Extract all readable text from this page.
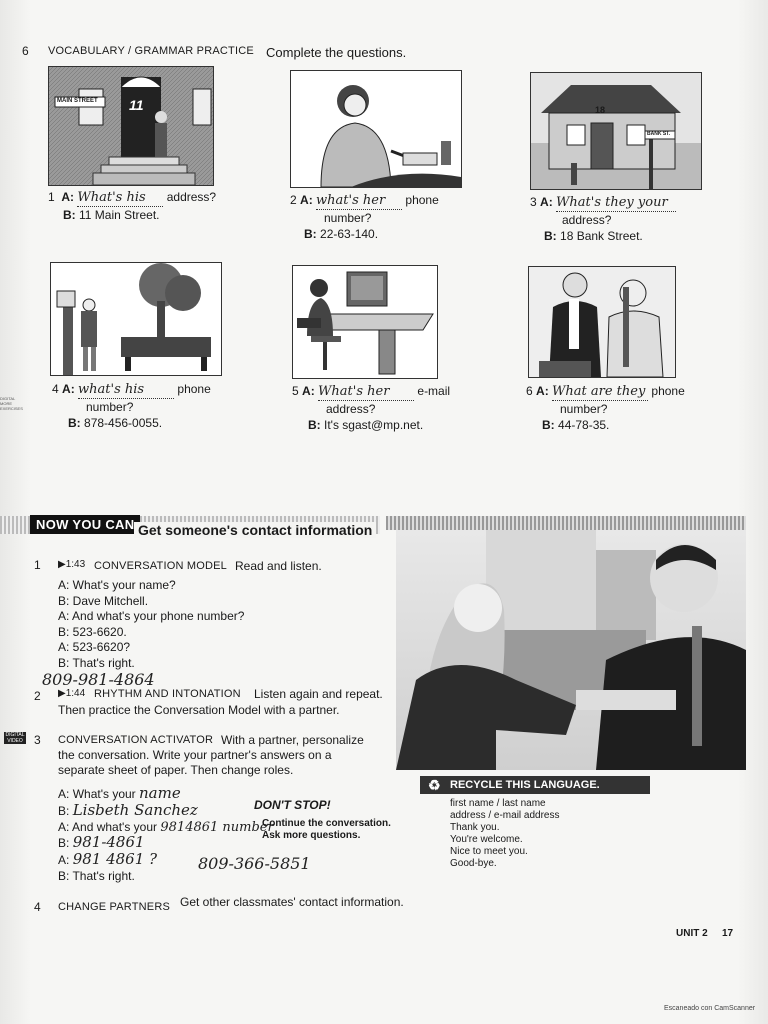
6 VOCABULARY / GRAMMAR PRACTICE Complete the questions.
MAIN STREET 11
1 A: What's his address?
B: 11 Main Street.
2 A: what's her phone
number?
B: 22-63-140.
18
BANK ST.
3 A: What's they your
address?
B: 18 Bank Street.
4 A: what's his	phone
number?
B: 878-456-0055.
5 A: What's her e-mail
address?
B: It's sgast@mp.net.
6 A: What are they phone
number?
B: 44-78-35.
DIGITAL
MORE
EXERCISES
NOW YOU CAN Get someone's contact information
1 ▶1:43 CONVERSATION MODEL Read and listen.
A: What's your name?
B: Dave Mitchell.
A: And what's your phone number?
B: 523-6620.
A: 523-6620?
B: That's right.
809-981-4864
2 ▶1:44 RHYTHM AND INTONATION Listen again and repeat.
Then practice the Conversation Model with a partner.
DIGITAL VIDEO 3 CONVERSATION ACTIVATOR With a partner, personalize
the conversation. Write your partner's answers on a
separate sheet of paper. Then change roles.
A: What's your name
B: Lisbeth Sanchez
A: And what's your 9814861 number
B: 981-4861
A: 981 4861 ?
B: That's right.
809-366-5851
DON'T STOP!
Continue the conversation.
Ask more questions.
♻ RECYCLE THIS LANGUAGE.
first name / last name
address / e-mail address
Thank you.
You're welcome.
Nice to meet you.
Good-bye.
4 CHANGE PARTNERS Get other classmates' contact information.
UNIT 2 17
Escaneado con CamScanner
